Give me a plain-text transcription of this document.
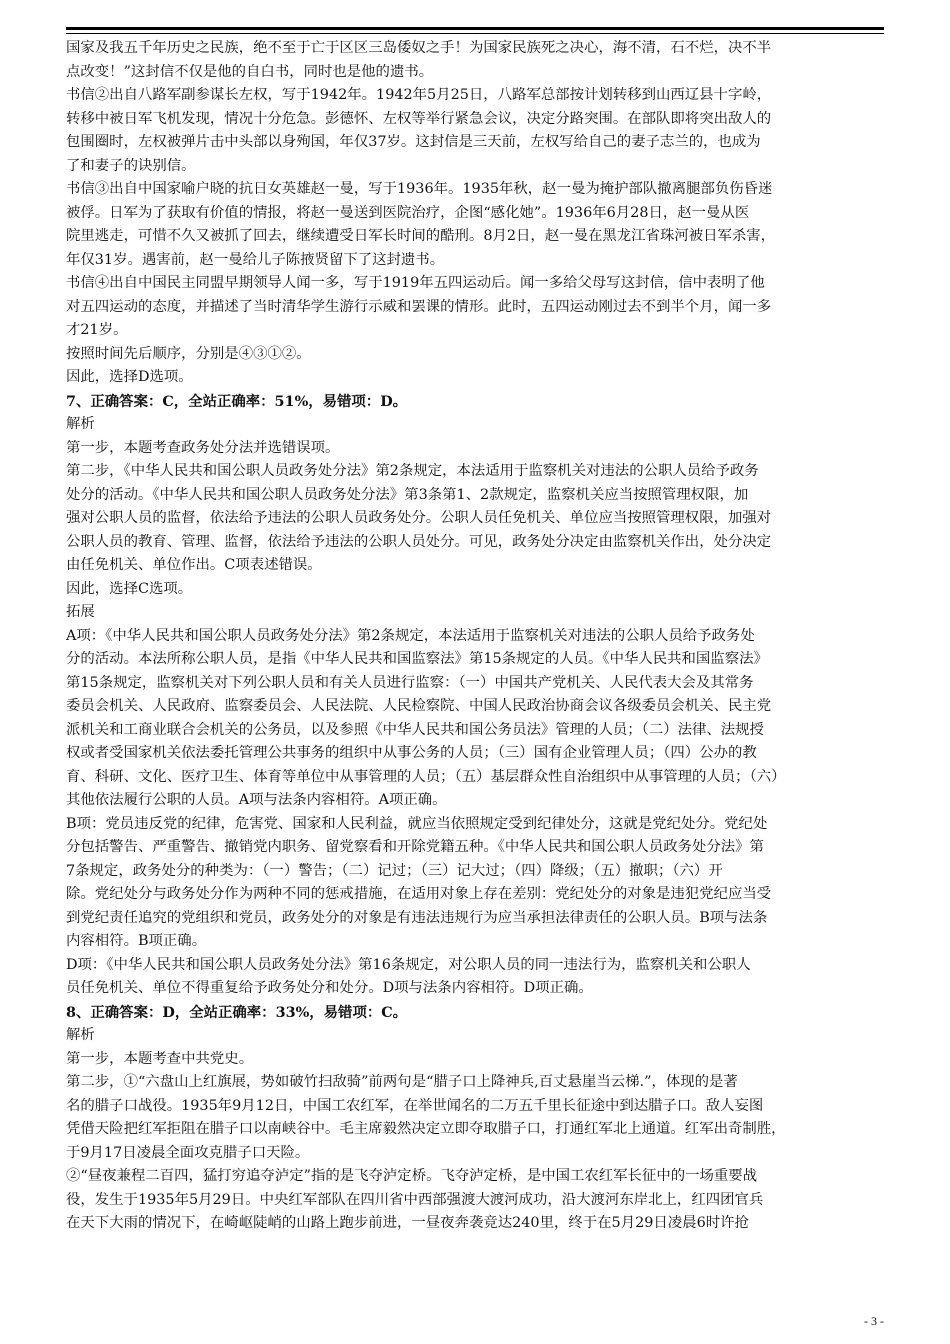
国家及我五千年历史之民族，绝不至于亡于区区三岛倭奴之手！为国家民族死之决心，海不清，石不烂，决不半
点改变！”这封信不仅是他的自白书，同时也是他的遗书。
书信②出自八路军副参谋长左权，写于1942年。1942年5月25日，八路军总部按计划转移到山西辽县十字岭，
转移中被日军飞机发现，情况十分危急。彭德怀、左权等举行紧急会议，决定分路突围。在部队即将突出敌人的
包围圈时，左权被弹片击中头部以身殉国，年仅37岁。这封信是三天前，左权写给自己的妻子志兰的，也成为
了和妻子的诀别信。
书信③出自中国家喻户晓的抗日女英雄赵一曼，写于1936年。1935年秋，赵一曼为掩护部队撤离腿部负伤昏迷
被俘。日军为了获取有价值的情报，将赵一曼送到医院治疗，企图“感化她”。1936年6月28日，赵一曼从医
院里逃走，可惜不久又被抓了回去，继续遭受日军长时间的酷刑。8月2日，赵一曼在黑龙江省珠河被日军杀害，
年仅31岁。遇害前，赵一曼给儿子陈掖贤留下了这封遗书。
书信④出自中国民主同盟早期领导人闻一多，写于1919年五四运动后。闻一多给父母写这封信，信中表明了他
对五四运动的态度，并描述了当时清华学生游行示威和罢课的情形。此时，五四运动刚过去不到半个月，闻一多
才21岁。
按照时间先后顺序，分别是④③①②。
因此，选择D选项。
7、正确答案：C，全站正确率：51%，易错项：D。
解析
第一步，本题考查政务处分法并选错误项。
第二步，《中华人民共和国公职人员政务处分法》第2条规定，本法适用于监察机关对违法的公职人员给予政务
处分的活动。《中华人民共和国公职人员政务处分法》第3条第1、2款规定，监察机关应当按照管理权限，加
强对公职人员的监督，依法给予违法的公职人员政务处分。公职人员任免机关、单位应当按照管理权限，加强对
公职人员的教育、管理、监督，依法给予违法的公职人员处分。可见，政务处分决定由监察机关作出，处分决定
由任免机关、单位作出。C项表述错误。
因此，选择C选项。
拓展
A项：《中华人民共和国公职人员政务处分法》第2条规定，本法适用于监察机关对违法的公职人员给予政务处
分的活动。本法所称公职人员，是指《中华人民共和国监察法》第15条规定的人员。《中华人民共和国监察法》
第15条规定，监察机关对下列公职人员和有关人员进行监察：（一）中国共产党机关、人民代表大会及其常务
委员会机关、人民政府、监察委员会、人民法院、人民检察院、中国人民政治协商会议各级委员会机关、民主党
派机关和工商业联合会机关的公务员，以及参照《中华人民共和国公务员法》管理的人员；（二）法律、法规授
权或者受国家机关依法委托管理公共事务的组织中从事公务的人员；（三）国有企业管理人员；（四）公办的教
育、科研、文化、医疗卫生、体育等单位中从事管理的人员；（五）基层群众性自治组织中从事管理的人员；（六）
其他依法履行公职的人员。A项与法条内容相符。A项正确。
B项：党员违反党的纪律，危害党、国家和人民利益，就应当依照规定受到纪律处分，这就是党纪处分。党纪处
分包括警告、严重警告、撤销党内职务、留党察看和开除党籍五种。《中华人民共和国公职人员政务处分法》第
7条规定，政务处分的种类为：（一）警告；（二）记过；（三）记大过；（四）降级；（五）撤职；（六）开
除。党纪处分与政务处分作为两种不同的惩戒措施，在适用对象上存在差别：党纪处分的对象是违犯党纪应当受
到党纪责任追究的党组织和党员，政务处分的对象是有违法违规行为应当承担法律责任的公职人员。B项与法条
内容相符。B项正确。
D项：《中华人民共和国公职人员政务处分法》第16条规定，对公职人员的同一违法行为，监察机关和公职人
员任免机关、单位不得重复给予政务处分和处分。D项与法条内容相符。D项正确。
8、正确答案：D，全站正确率：33%，易错项：C。
解析
第一步，本题考查中共党史。
第二步，①“六盘山上红旗展，势如破竹扫敌骑”前两句是“腊子口上降神兵,百丈悬崖当云梯.”，体现的是著
名的腊子口战役。1935年9月12日，中国工农红军，在举世闻名的二万五千里长征途中到达腊子口。敌人妄图
凭借天险把红军拒阻在腊子口以南峡谷中。毛主席毅然决定立即夺取腊子口，打通红军北上通道。红军出奇制胜，
于9月17日凌晨全面攻克腊子口天险。
②“昼夜兼程二百四，猛打穷追夺泸定”指的是飞夺泸定桥。飞夺泸定桥，是中国工农红军长征中的一场重要战
役，发生于1935年5月29日。中央红军部队在四川省中西部强渡大渡河成功，沿大渡河东岸北上，红四团官兵
在天下大雨的情况下，在崎岖陡峭的山路上跑步前进，一昼夜奔袭竞达240里，终于在5月29日凌晨6时许抢
- 3 -
